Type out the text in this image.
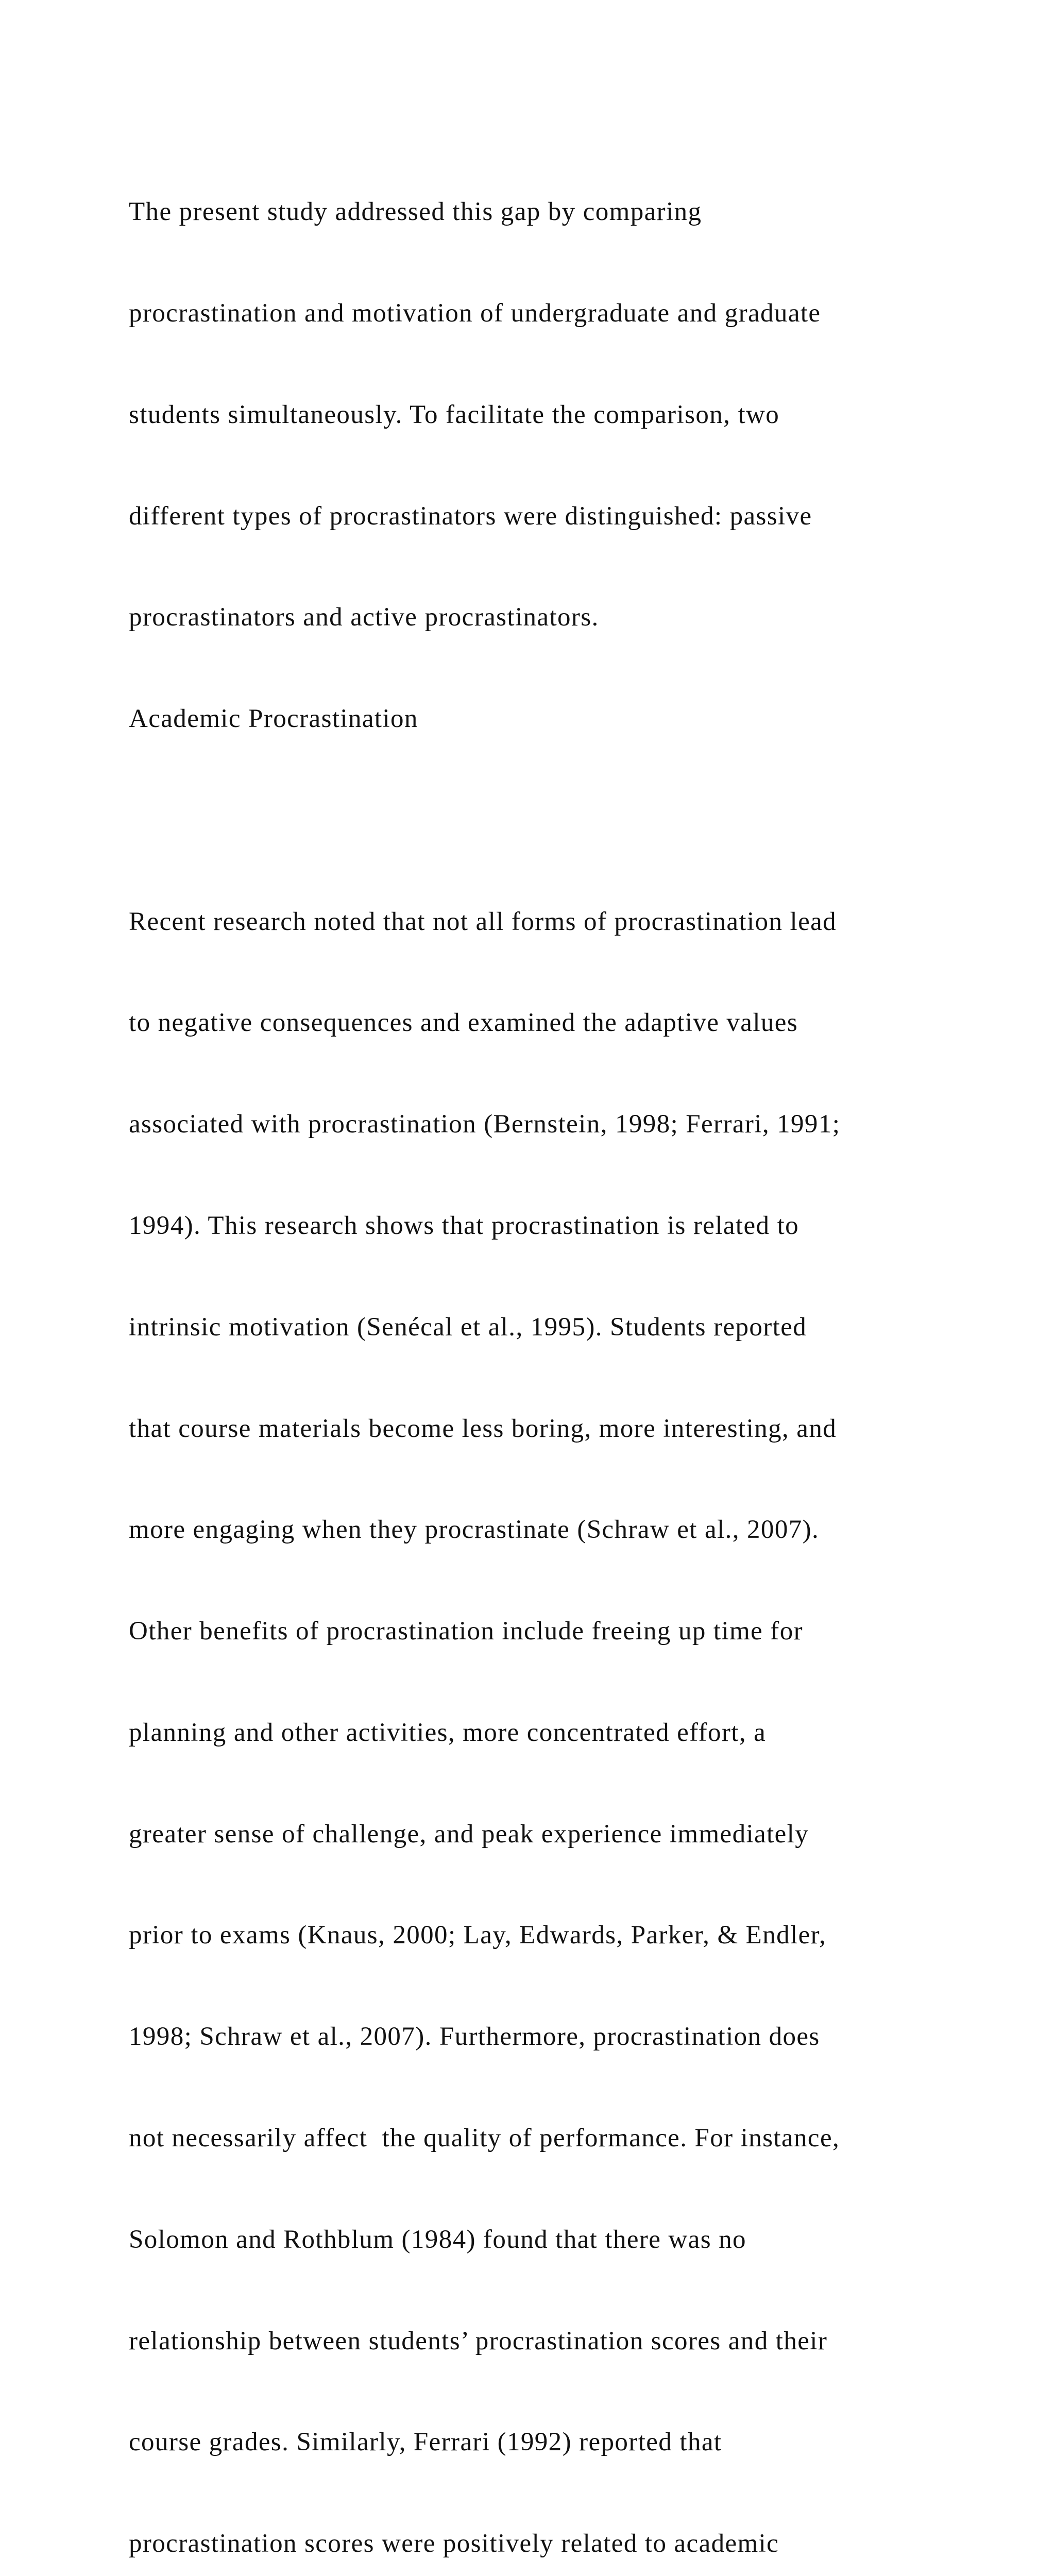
The present study addressed this gap by comparing

procrastination and motivation of undergraduate and graduate

students simultaneously. To facilitate the comparison, two

different types of procrastinators were distinguished: passive

procrastinators and active procrastinators.

Academic Procrastination

Recent research noted that not all forms of procrastination lead

to negative consequences and examined the adaptive values

associated with procrastination (Bernstein, 1998; Ferrari, 1991;

1994). This research shows that procrastination is related to

intrinsic motivation (Senécal et al., 1995). Students reported

that course materials become less boring, more interesting, and

more engaging when they procrastinate (Schraw et al., 2007).

Other benefits of procrastination include freeing up time for

planning and other activities, more concentrated effort, a

greater sense of challenge, and peak experience immediately

prior to exams (Knaus, 2000; Lay, Edwards, Parker, & Endler,

1998; Schraw et al., 2007). Furthermore, procrastination does

not necessarily affect  the quality of performance. For instance,

Solomon and Rothblum (1984) found that there was no

relationship between students’ procrastination scores and their

course grades. Similarly, Ferrari (1992) reported that

procrastination scores were positively related to academic
